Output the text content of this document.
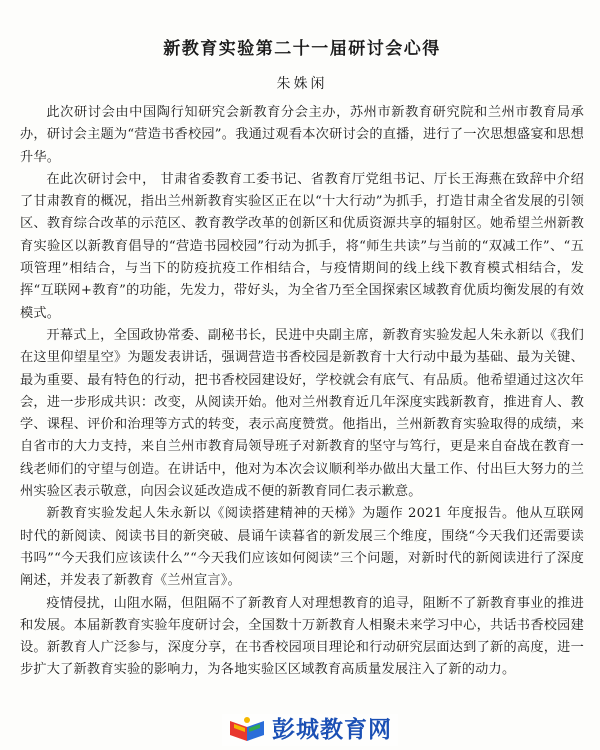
新教育实验第二十一届研讨会心得
朱姝闲

此次研讨会由中国陶行知研究会新教育分会主办，苏州市新教育研究院和兰州市教育局承办，研讨会主题为“营造书香校园”。我通过观看本次研讨会的直播，进行了一次思想盛宴和思想升华。

在此次研讨会中， 甘肃省委教育工委书记、省教育厅党组书记、厅长王海燕在致辞中介绍了甘肃教育的概况，指出兰州新教育实验区正在以“十大行动”为抓手，打造甘肃全省发展的引领区、教育综合改革的示范区、教育教学改革的创新区和优质资源共享的辐射区。她希望兰州新教育实验区以新教育倡导的“营造书园校园”行动为抓手，将“师生共读”与当前的“双减工作”、“五项管理”相结合，与当下的防疫抗疫工作相结合，与疫情期间的线上线下教育模式相结合，发挥“互联网+教育”的功能，先发力，带好头，为全省乃至全国探索区域教育优质均衡发展的有效模式。

开幕式上，全国政协常委、副秘书长，民进中央副主席，新教育实验发起人朱永新以《我们在这里仰望星空》为题发表讲话，强调营造书香校园是新教育十大行动中最为基础、最为关键、最为重要、最有特色的行动，把书香校园建设好，学校就会有底气、有品质。他希望通过这次年会，进一步形成共识：改变，从阅读开始。他对兰州教育近几年深度实践新教育，推进育人、教学、课程、评价和治理等方式的转变，表示高度赞赏。他指出，兰州新教育实验取得的成绩，来自省市的大力支持，来自兰州市教育局领导班子对新教育的坚守与笃行，更是来自奋战在教育一线老师们的守望与创造。在讲话中，他对为本次会议顺利举办做出大量工作、付出巨大努力的兰州实验区表示敬意，向因会议延改造成不便的新教育同仁表示歉意。

新教育实验发起人朱永新以《阅读搭建精神的天梯》为题作 2021 年度报告。他从互联网时代的新阅读、阅读书目的新突破、晨诵午读暮省的新发展三个维度，围绕“今天我们还需要读书吗”“今天我们应该读什么”“今天我们应该如何阅读”三个问题，对新时代的新阅读进行了深度阐述，并发表了新教育《兰州宣言》。

疫情侵扰，山阻水隔，但阻隔不了新教育人对理想教育的追寻，阻断不了新教育事业的推进和发展。本届新教育实验年度研讨会，全国数十万新教育人相聚未来学习中心，共话书香校园建设。新教育人广泛参与，深度分享，在书香校园项目理论和行动研究层面达到了新的高度，进一步扩大了新教育实验的影响力，为各地实验区区域教育高质量发展注入了新的动力。

彭城教育网
